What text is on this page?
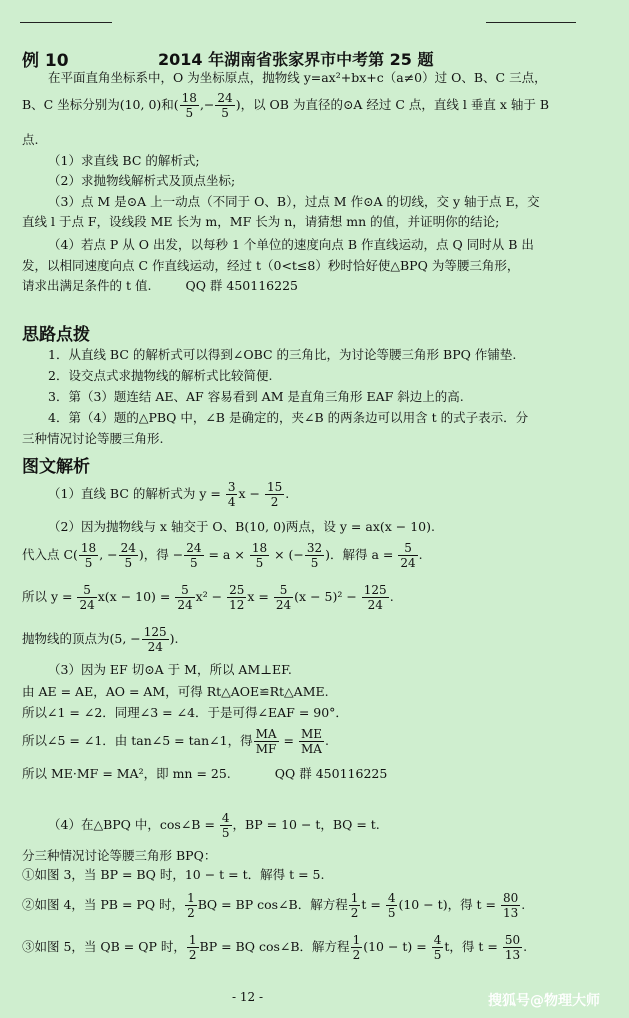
例 10	2014 年湖南省张家界市中考第 25 题
在平面直角坐标系中，O 为坐标原点，抛物线 y=ax²+bx+c（a≠0）过 O、B、C 三点，
B、C 坐标分别为(10, 0)和( $\frac{18}{5}$ ,− $\frac{24}{5}$ )，以 OB 为直径的⊙A 经过 C 点，直线 l 垂直 x 轴于 B
点.
（1）求直线 BC 的解析式;
（2）求抛物线解析式及顶点坐标;
（3）点 M 是⊙A 上一动点（不同于 O、B），过点 M 作⊙A 的切线，交 y 轴于点 E，交
直线 l 于点 F，设线段 ME 长为 m，MF 长为 n，请猜想 mn 的值，并证明你的结论;
（4）若点 P 从 O 出发，以每秒 1 个单位的速度向点 B 作直线运动，点 Q 同时从 B 出
发，以相同速度向点 C 作直线运动，经过 t（0<t≤8）秒时恰好使△BPQ 为等腰三角形，
请求出满足条件的 t 值.	QQ 群 450116225
思路点拨
1．从直线 BC 的解析式可以得到∠OBC 的三角比，为讨论等腰三角形 BPQ 作铺垫.
2．设交点式求抛物线的解析式比较简便.
3．第（3）题连结 AE、AF 容易看到 AM 是直角三角形 EAF 斜边上的高.
4．第（4）题的△PBQ 中，∠B 是确定的，夹∠B 的两条边可以用含 t 的式子表示．分
三种情况讨论等腰三角形.
图文解析
（1）直线 BC 的解析式为 $y = \frac{3}{4}$ $x - \frac{15}{2}$ .
（2）因为抛物线与 x 轴交于 O、B(10, 0)两点，设 y = ax(x − 10).
代入点 $C( \frac{18}{5}$ , − $\frac{24}{5}$ )，得 − $\frac{24}{5} = a \times \frac{18}{5}$ × (− $\frac{32}{5}$ )．解得 $a = \frac{5}{24}$ .
所以 $y = \frac{5}{24} x(x - 10) = \frac{5}{24} x^2 - \frac{25}{12}$ $x = \frac{5}{24} (x - 5)^2 - \frac{125}{24}$ .
抛物线的顶点为(5, − $\frac{125}{24}$ ).
（3）因为 EF 切⊙A 于 M，所以 AM⊥EF.
由 AE = AE，AO = AM，可得 Rt△AOE≌Rt△AME.
所以∠1 = ∠2．同理∠3 = ∠4．于是可得∠EAF = 90°．
所以∠5 = ∠1．由 tan∠5 = tan∠1，得 $\frac{MA}{MF} = \frac{ME}{MA}$ .
所以 ME·MF = MA²，即 mn = 25.	QQ 群 450116225
（4）在△BPQ 中，cos∠B = $\frac{4}{5}$ ，BP = 10 − t，BQ = t.
分三种情况讨论等腰三角形 BPQ：
①如图 3，当 BP = BQ 时，10 − t = t．解得 t = 5.
②如图 4，当 PB = PQ 时， $\frac{1}{2}$ BQ = BP cos∠B．解方程 $\frac{1}{2}$ $t = \frac{4}{5} (10 - t)$，得 $t = \frac{80}{13}$ .
③如图 5，当 QB = QP 时， $\frac{1}{2}$ BP = BQ cos∠B．解方程 $\frac{1}{2} (10 - t) = \frac{4}{5}$ t，得 $t = \frac{50}{13}$ .
- 12 -	搜狐号@物理大师
